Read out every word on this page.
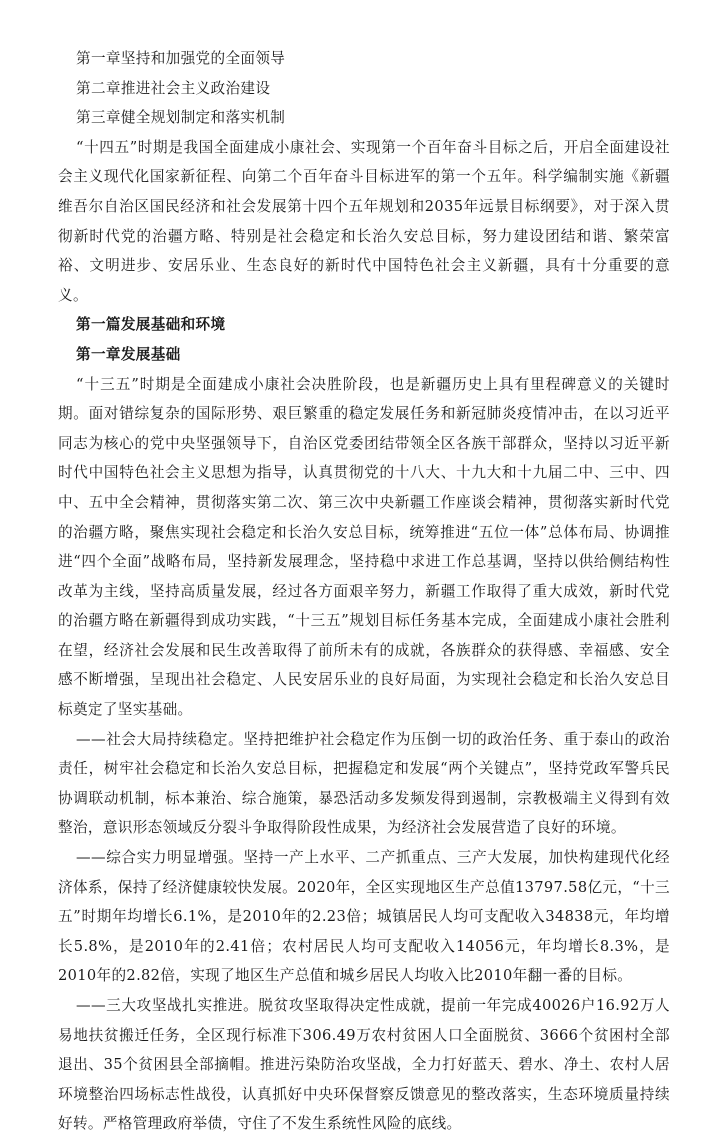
第一章坚持和加强党的全面领导

第二章推进社会主义政治建设

第三章健全规划制定和落实机制

“十四五”时期是我国全面建成小康社会、实现第一个百年奋斗目标之后，开启全面建设社会主义现代化国家新征程、向第二个百年奋斗目标进军的第一个五年。科学编制实施《新疆维吾尔自治区国民经济和社会发展第十四个五年规划和2035年远景目标纲要》，对于深入贯彻新时代党的治疆方略、特别是社会稳定和长治久安总目标，努力建设团结和谐、繁荣富裕、文明进步、安居乐业、生态良好的新时代中国特色社会主义新疆，具有十分重要的意义。

第一篇发展基础和环境

第一章发展基础

“十三五”时期是全面建成小康社会决胜阶段，也是新疆历史上具有里程碑意义的关键时期。面对错综复杂的国际形势、艰巨繁重的稳定发展任务和新冠肺炎疫情冲击，在以习近平同志为核心的党中央坚强领导下，自治区党委团结带领全区各族干部群众，坚持以习近平新时代中国特色社会主义思想为指导，认真贯彻党的十八大、十九大和十九届二中、三中、四中、五中全会精神，贯彻落实第二次、第三次中央新疆工作座谈会精神，贯彻落实新时代党的治疆方略，聚焦实现社会稳定和长治久安总目标，统筹推进“五位一体”总体布局、协调推进“四个全面”战略布局，坚持新发展理念，坚持稳中求进工作总基调，坚持以供给侧结构性改革为主线，坚持高质量发展，经过各方面艰辛努力，新疆工作取得了重大成效，新时代党的治疆方略在新疆得到成功实践，“十三五”规划目标任务基本完成，全面建成小康社会胜利在望，经济社会发展和民生改善取得了前所未有的成就，各族群众的获得感、幸福感、安全感不断增强，呈现出社会稳定、人民安居乐业的良好局面，为实现社会稳定和长治久安总目标奠定了坚实基础。

——社会大局持续稳定。坚持把维护社会稳定作为压倒一切的政治任务、重于泰山的政治责任，树牢社会稳定和长治久安总目标，把握稳定和发展“两个关键点”，坚持党政军警兵民协调联动机制，标本兼治、综合施策，暴恐活动多发频发得到遏制，宗教极端主义得到有效整治，意识形态领域反分裂斗争取得阶段性成果，为经济社会发展营造了良好的环境。

——综合实力明显增强。坚持一产上水平、二产抓重点、三产大发展，加快构建现代化经济体系，保持了经济健康较快发展。2020年，全区实现地区生产总值13797.58亿元，“十三五”时期年均增长6.1%，是2010年的2.23倍；城镇居民人均可支配收入34838元，年均增长5.8%，是2010年的2.41倍；农村居民人均可支配收入14056元，年均增长8.3%，是2010年的2.82倍，实现了地区生产总值和城乡居民人均收入比2010年翻一番的目标。

——三大攻坚战扎实推进。脱贫攻坚取得决定性成就，提前一年完成40026户16.92万人易地扶贫搬迁任务，全区现行标准下306.49万农村贫困人口全面脱贫、3666个贫困村全部退出、35个贫困县全部摘帽。推进污染防治攻坚战，全力打好蓝天、碧水、净土、农村人居环境整治四场标志性战役，认真抓好中央环保督察反馈意见的整改落实，生态环境质量持续好转。严格管理政府举债，守住了不发生系统性风险的底线。
